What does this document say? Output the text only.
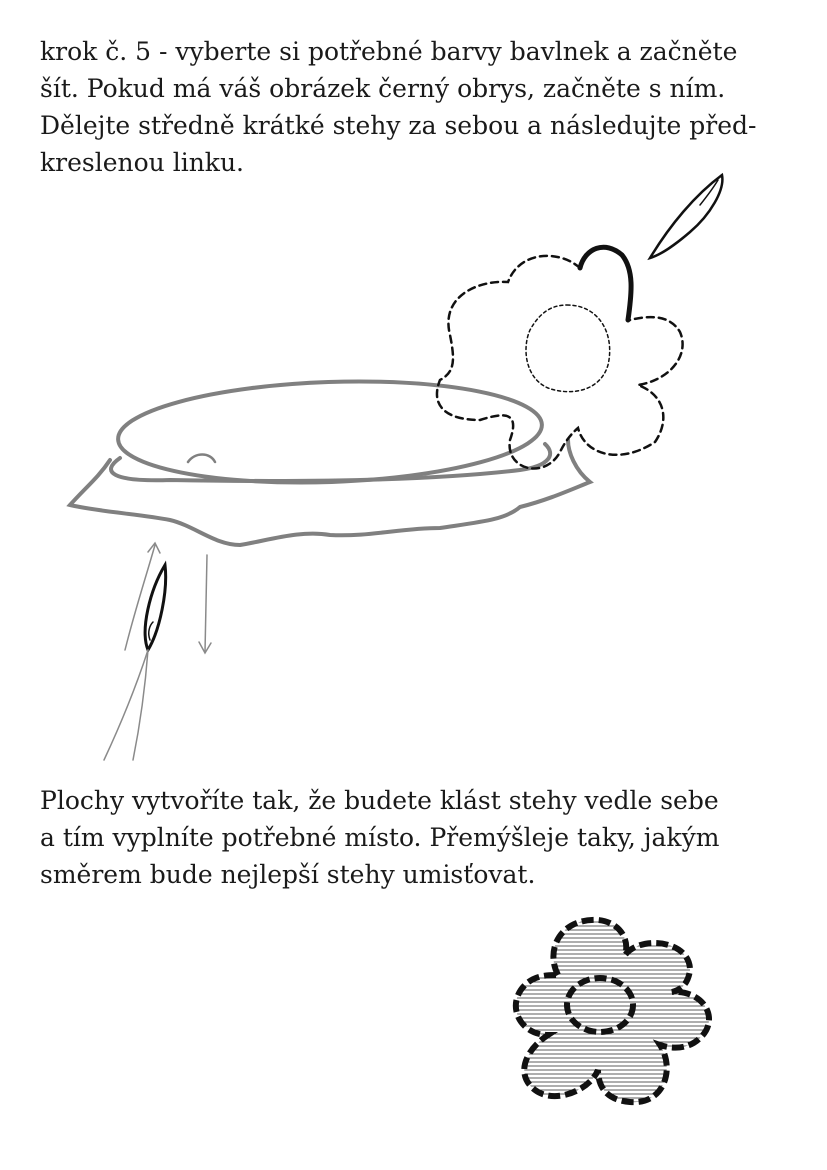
krok č. 5 - vyberte si potřebné barvy bavlnek a začněte
šít. Pokud má váš obrázek černý obrys, začněte s ním.
Dělejte středně krátké stehy za sebou a následujte před-
kreslenou linku.
Plochy vytvoříte tak, že budete klást stehy vedle sebe
a tím vyplníte potřebné místo. Přemýšleje taky, jakým
směrem bude nejlepší stehy umisťovat.
